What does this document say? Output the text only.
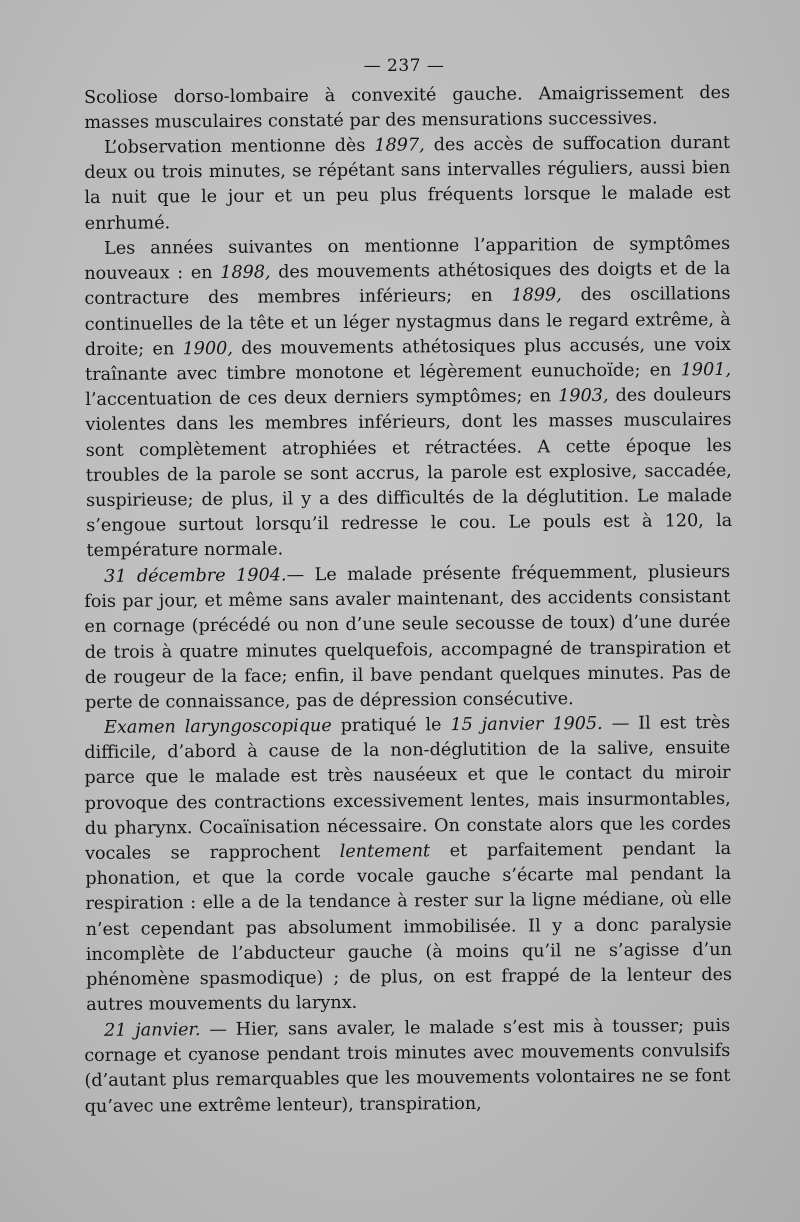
— 237 —

Scoliose dorso-lombaire à convexité gauche. Amaigrissement des masses musculaires constaté par des mensurations successives.

L’observation mentionne dès 1897, des accès de suffocation durant deux ou trois minutes, se répétant sans intervalles réguliers, aussi bien la nuit que le jour et un peu plus fréquents lorsque le malade est enrhumé.

Les années suivantes on mentionne l’apparition de symptômes nouveaux : en 1898, des mouvements athétosiques des doigts et de la contracture des membres inférieurs; en 1899, des oscillations continuelles de la tête et un léger nystagmus dans le regard extrême, à droite; en 1900, des mouvements athétosiques plus accusés, une voix traînante avec timbre monotone et légèrement eunuchoïde; en 1901, l’accentuation de ces deux derniers symptômes; en 1903, des douleurs violentes dans les membres inférieurs, dont les masses musculaires sont complètement atrophiées et rétractées. A cette époque les troubles de la parole se sont accrus, la parole est explosive, saccadée, suspirieuse; de plus, il y a des difficultés de la déglutition. Le malade s’engoue surtout lorsqu’il redresse le cou. Le pouls est à 120, la température normale.

31 décembre 1904.— Le malade présente fréquemment, plusieurs fois par jour, et même sans avaler maintenant, des accidents consistant en cornage (précédé ou non d’une seule secousse de toux) d’une durée de trois à quatre minutes quelquefois, accompagné de transpiration et de rougeur de la face; enfin, il bave pendant quelques minutes. Pas de perte de connaissance, pas de dépression consécutive.

Examen laryngoscopique pratiqué le 15 janvier 1905. — Il est très difficile, d’abord à cause de la non-déglutition de la salive, ensuite parce que le malade est très nauséeux et que le contact du miroir provoque des contractions excessivement lentes, mais insurmontables, du pharynx. Cocaïnisation nécessaire. On constate alors que les cordes vocales se rapprochent lentement et parfaitement pendant la phonation, et que la corde vocale gauche s’écarte mal pendant la respiration : elle a de la tendance à rester sur la ligne médiane, où elle n’est cependant pas absolument immobilisée. Il y a donc paralysie incomplète de l’abducteur gauche (à moins qu’il ne s’agisse d’un phénomène spasmodique) ; de plus, on est frappé de la lenteur des autres mouvements du larynx.

21 janvier. — Hier, sans avaler, le malade s’est mis à tousser; puis cornage et cyanose pendant trois minutes avec mouvements convulsifs (d’autant plus remarquables que les mouvements volontaires ne se font qu’avec une extrême lenteur), transpiration,
